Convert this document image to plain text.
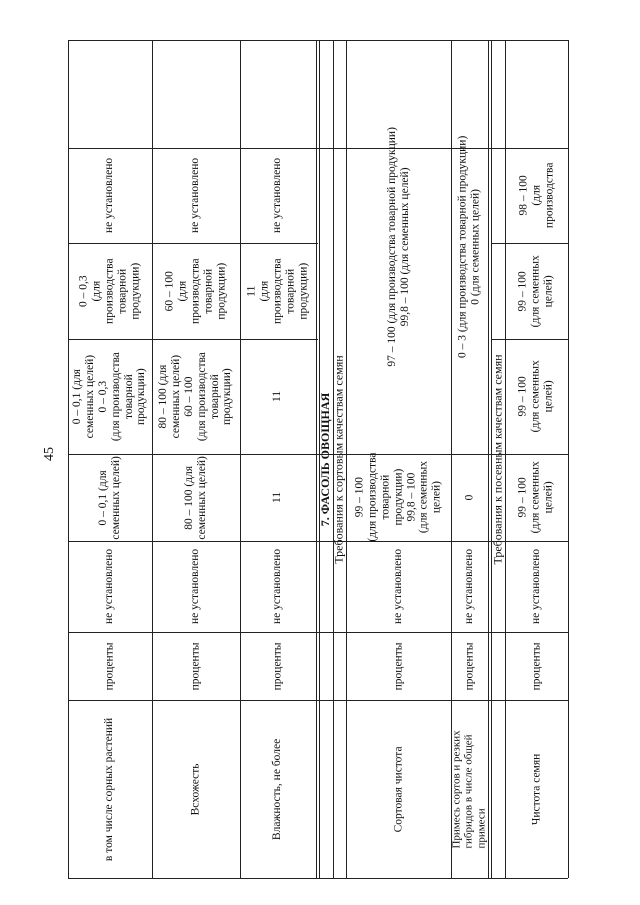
45
в том числе сорных растений
проценты
не установлено
0 – 0,1 (для
семенных целей)
0 – 0,1 (для
семенных целей)
0 – 0,3
(для производства
товарной
продукции)
0 – 0,3
(для
производства
товарной
продукции)
не установлено
Всхожесть
проценты
не установлено
80 – 100 (для
семенных целей)
80 – 100 (для
семенных целей)
60 – 100
(для производства
товарной
продукции)
60 – 100
(для
производства
товарной
продукции)
не установлено
Влажность, не более
проценты
не установлено
11
11
11
(для
производства
товарной
продукции)
не установлено
7. ФАСОЛЬ ОВОЩНАЯ Требования к сортовым качествам семян
Сортовая чистота
проценты
не установлено
99 – 100
(для производства
товарной
продукции)
99,8 – 100
(для семенных
целей)
97 – 100 (для производства товарной продукции)
99,8 – 100 (для семенных целей)
Примесь сортов и резких
гибридов в числе общей
примеси
проценты
не установлено
0
0 – 3 (для производства товарной продукции)
0 (для семенных целей)
Требования к посевным качествам семян
Чистота семян
проценты
не установлено
99 – 100
(для семенных
целей)
99 – 100
(для семенных
целей)
99 – 100
(для семенных
целей)
98 – 100
(для
производства
